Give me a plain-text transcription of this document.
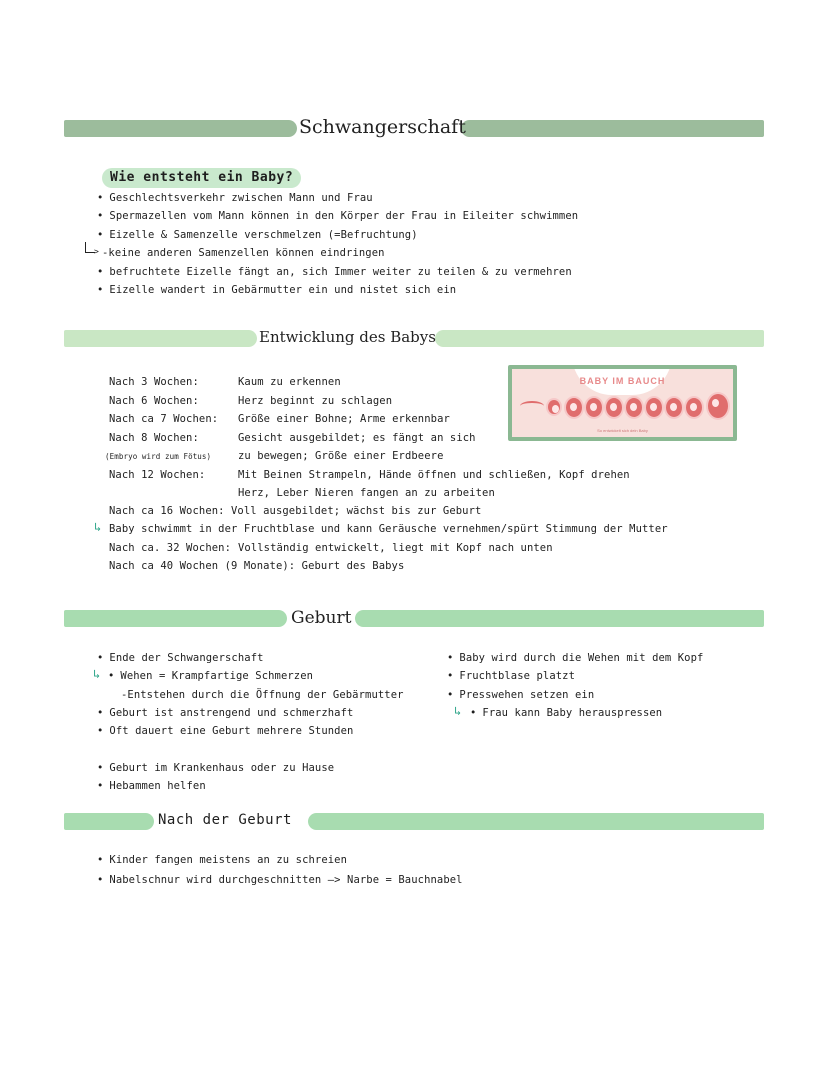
Schwangerschaft
Wie entsteht ein Baby?
• Geschlechtsverkehr zwischen Mann und Frau
• Spermazellen vom Mann können in den Körper der Frau in Eileiter schwimmen
• Eizelle & Samenzelle verschmelzen (=Befruchtung)
> -keine anderen Samenzellen können eindringen
• befruchtete Eizelle fängt an, sich Immer weiter zu teilen & zu vermehren
• Eizelle wandert in Gebärmutter ein und nistet sich ein
Entwicklung des Babys
BABY IM BAUCH
So entwickelt sich dein Baby
Nach 3 Wochen:	Kaum zu erkennen
Nach 6 Wochen:	Herz beginnt zu schlagen
Nach ca 7 Wochen: Größe einer Bohne; Arme erkennbar
Nach 8 Wochen:	Gesicht ausgebildet; es fängt an sich
(Embryo wird zum Fötus)	zu bewegen; Größe einer Erdbeere
Nach 12 Wochen:	Mit Beinen Strampeln, Hände öffnen und schließen, Kopf drehen
Herz, Leber Nieren fangen an zu arbeiten
Nach ca 16 Wochen: Voll ausgebildet; wächst bis zur Geburt
↳ Baby schwimmt in der Fruchtblase und kann Geräusche vernehmen/spürt Stimmung der Mutter
Nach ca. 32 Wochen: Vollständig entwickelt, liegt mit Kopf nach unten
Nach ca 40 Wochen (9 Monate): Geburt des Babys
Geburt
• Ende der Schwangerschaft
↳	• Wehen = Krampfartige Schmerzen
-Entstehen durch die Öffnung der Gebärmutter
• Geburt ist anstrengend und schmerzhaft
• Oft dauert eine Geburt mehrere Stunden
• Geburt im Krankenhaus oder zu Hause
• Hebammen helfen
• Baby wird durch die Wehen mit dem Kopf
• Fruchtblase platzt
• Presswehen setzen ein
↳	• Frau kann Baby herauspressen
Nach der Geburt
• Kinder fangen meistens an zu schreien
• Nabelschnur wird durchgeschnitten —> Narbe = Bauchnabel
